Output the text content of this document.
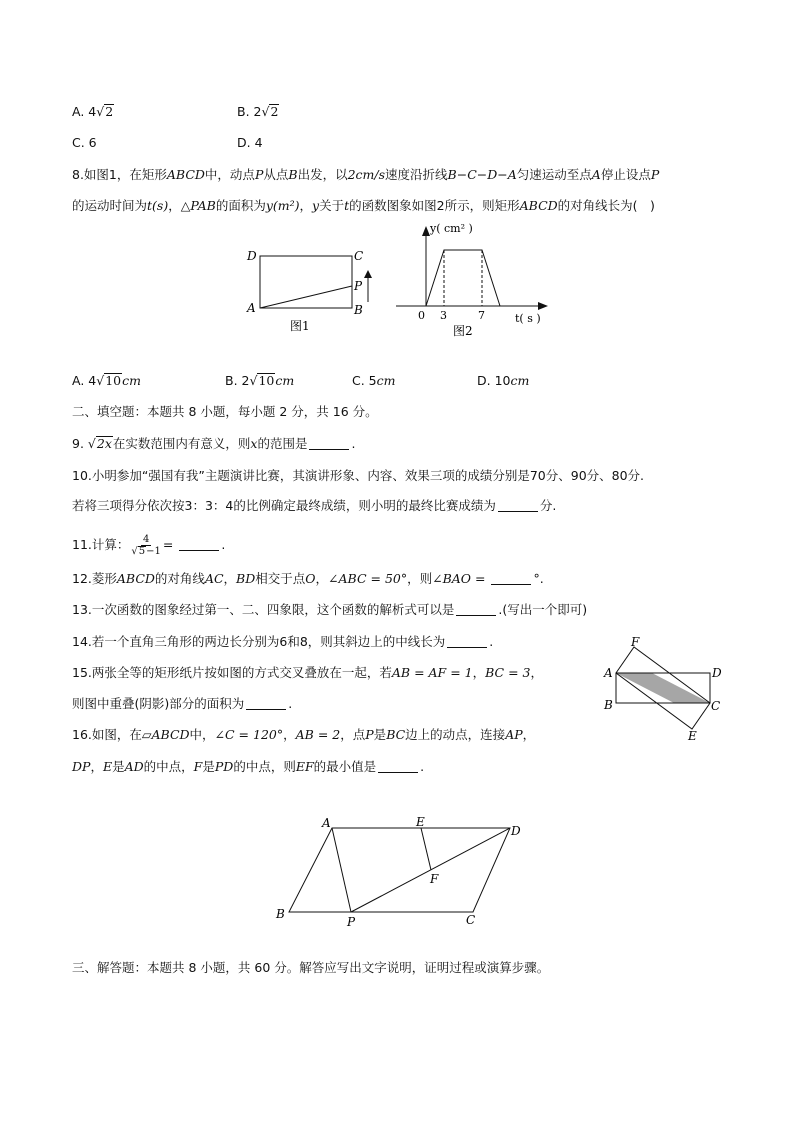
A. 4√2	B. 2√2
C. 6	D. 4
8.如图1，在矩形ABCD中，动点P从点B出发，以2cm/s速度沿折线B−C−D−A匀速运动至点A停止设点P
的运动时间为t(s)，△PAB的面积为y(m²)，y关于t的函数图象如图2所示，则矩形ABCD的对角线长为(　)
D	C
A	B
P
图1
y( cm² )
t( s )
0 3	7
图2
A. 4√10cm	B. 2√10cm	C. 5cm	D. 10cm
二、填空题：本题共 8 小题，每小题 2 分，共 16 分。
9. √2x在实数范围内有意义，则x的范围是	.
10.小明参加“强国有我”主题演讲比赛，其演讲形象、内容、效果三项的成绩分别是70分、90分、80分.
若将三项得分依次按3：3：4的比例确定最终成绩，则小明的最终比赛成绩为	分.
11.计算： $\frac{4}{√5-1}$ =	.
12.菱形ABCD的对角线AC，BD相交于点O，∠ABC = 50°，则∠BAO =	°.
13.一次函数的图象经过第一、二、四象限，这个函数的解析式可以是	.(写出一个即可)
14.若一个直角三角形的两边长分别为6和8，则其斜边上的中线长为	.
15.两张全等的矩形纸片按如图的方式交叉叠放在一起，若AB = AF = 1，BC = 3，
则图中重叠(阴影)部分的面积为	.
F
A	D
B	C
E
16.如图，在▱ABCD中，∠C = 120°，AB = 2，点P是BC边上的动点，连接AP，
DP，E是AD的中点，F是PD的中点，则EF的最小值是	.
A	E
D
F
B
P	C
三、解答题：本题共 8 小题，共 60 分。解答应写出文字说明，证明过程或演算步骤。
